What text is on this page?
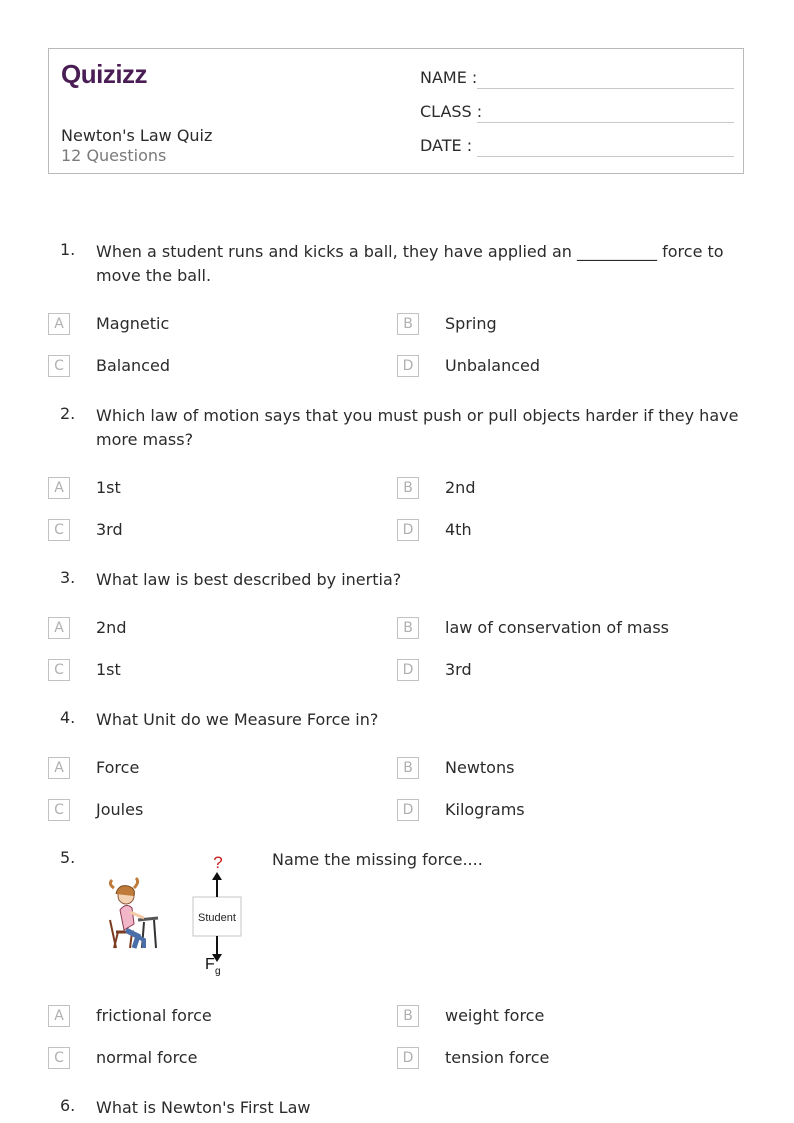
Quizizz
Newton's Law Quiz
12 Questions
NAME :
CLASS :
DATE :
1. When a student runs and kicks a ball, they have applied an __________ force to move the ball.
A	Magnetic	B	Spring
C	Balanced	D	Unbalanced
2. Which law of motion says that you must push or pull objects harder if they have more mass?
A	1st	B	2nd
C	3rd	D	4th
3. What law is best described by inertia?
A	2nd	B	law of conservation of mass
C	1st	D	3rd
4. What Unit do we Measure Force in?
A	Force	B	Newtons
C	Joules	D	Kilograms
5.	Name the missing force....
Student
?
F g
A	frictional force	B	weight force
C	normal force	D	tension force
6. What is Newton's First Law
